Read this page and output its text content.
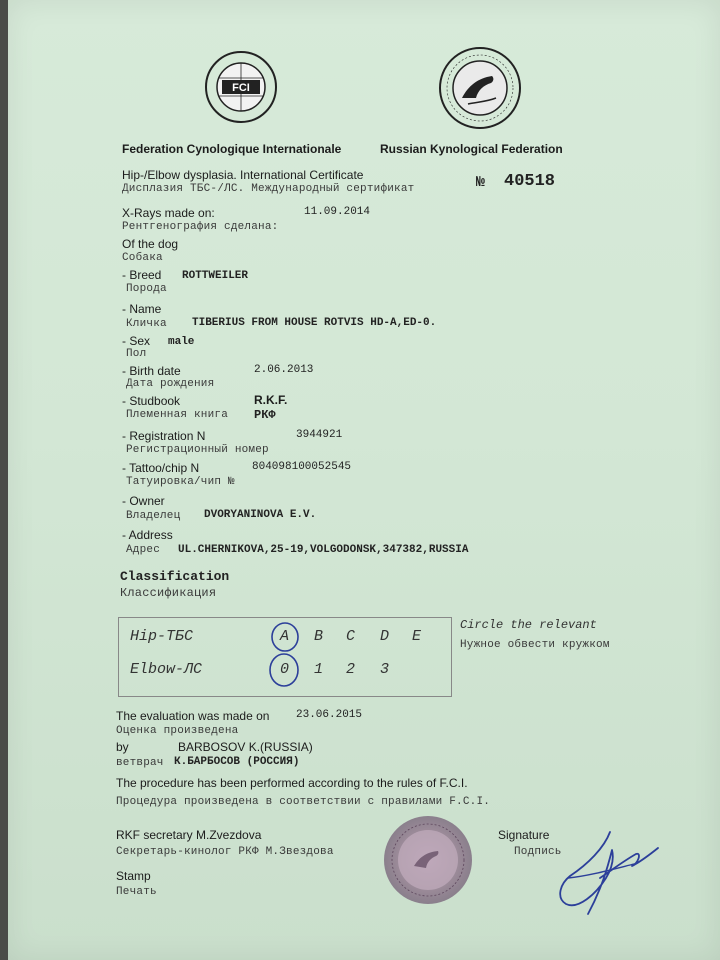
FCI
Federation Cynologique Internationale	Russian Kynological Federation
Hip-/Elbow dysplasia. International Certificate
Дисплазия ТБС-/ЛС. Международный сертификат	№ 40518
X-Rays made on:	11.09.2014
Рентгенография сделана:
Of the dog
Собака
- Breed ROTTWEILER
Порода
- Name
Кличка TIBERIUS FROM HOUSE ROTVIS HD-A,ED-0.
- Sex male
Пол
- Birth date	2.06.2013
Дата рождения
- Studbook	R.K.F.
Племенная книга РКФ
- Registration N	3944921
Регистрационный номер
- Tattoo/chip N	804098100052545
Татуировка/чип №
- Owner
Владелец DVORYANINOVA E.V.
- Address
Адрес UL.CHERNIKOVA,25-19,VOLGODONSK,347382,RUSSIA
Classification
Классификация
Hip-ТБС	A B C D E
Elbow-ЛС	0 1 2 3
Circle the relevant
Нужное обвести кружком
The evaluation was made on 23.06.2015
Оценка произведена
by	BARBOSOV K.(RUSSIA)
ветврач К.БАРБОСОВ (РОССИЯ)
The procedure has been performed according to the rules of F.C.I.
Процедура произведена в соответствии с правилами F.C.I.
RKF secretary M.Zvezdova
Секретарь-кинолог РКФ М.Звездова
Signature
Подпись
Stamp
Печать
